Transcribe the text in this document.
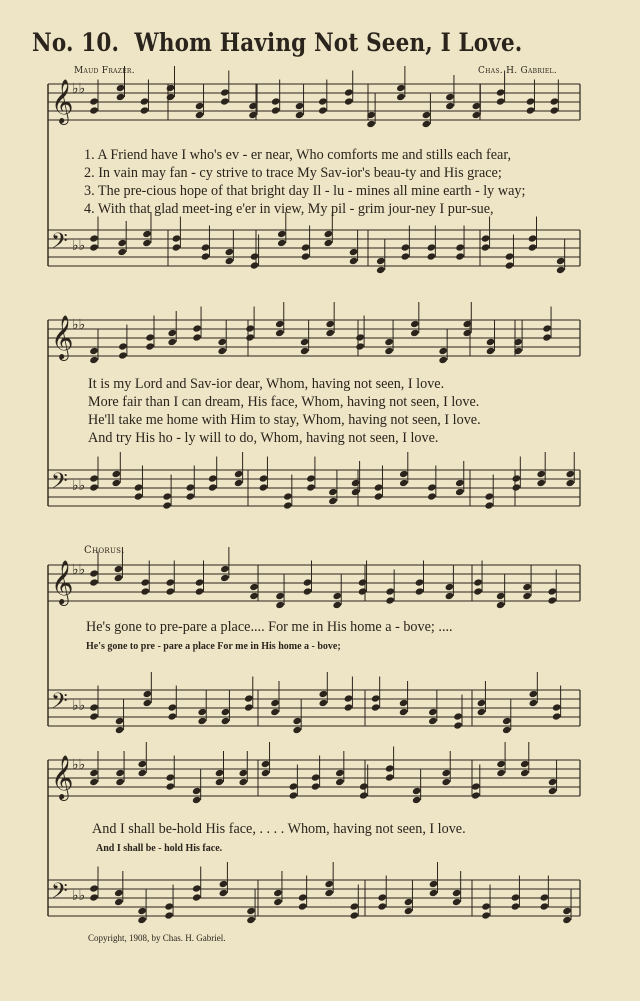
No. 10. Whom Having Not Seen, I Love.
Maud Frazer.	Chas. H. Gabriel.
𝄞
♭♭
𝄢 ♭♭
𝄞
♭♭
𝄢 ♭♭
𝄞
♭♭
𝄢 ♭♭
𝄞
♭♭
𝄢 ♭♭
1. A Friend have I who's ev - er near, Who comforts me and stills each fear,
2. In vain may fan - cy strive to trace My Sav-ior's beau-ty and His grace;
3. The pre-cious hope of that bright day Il - lu - mines all mine earth - ly way;
4. With that glad meet-ing e'er in view, My pil - grim jour-ney I pur-sue,
It is my Lord and Sav-ior dear, Whom, having not seen, I love.
More fair than I can dream, His face, Whom, having not seen, I love.
He'll take me home with Him to stay, Whom, having not seen, I love.
And try His ho - ly will to do, Whom, having not seen, I love.
Chorus.
He's gone to pre-pare a place.... For me in His home a - bove; ....
He's gone to pre - pare a place For me in His home a - bove;
And I shall be-hold His face, . . . . Whom, having not seen, I love.
And I shall be - hold His face.
Copyright, 1908, by Chas. H. Gabriel.
